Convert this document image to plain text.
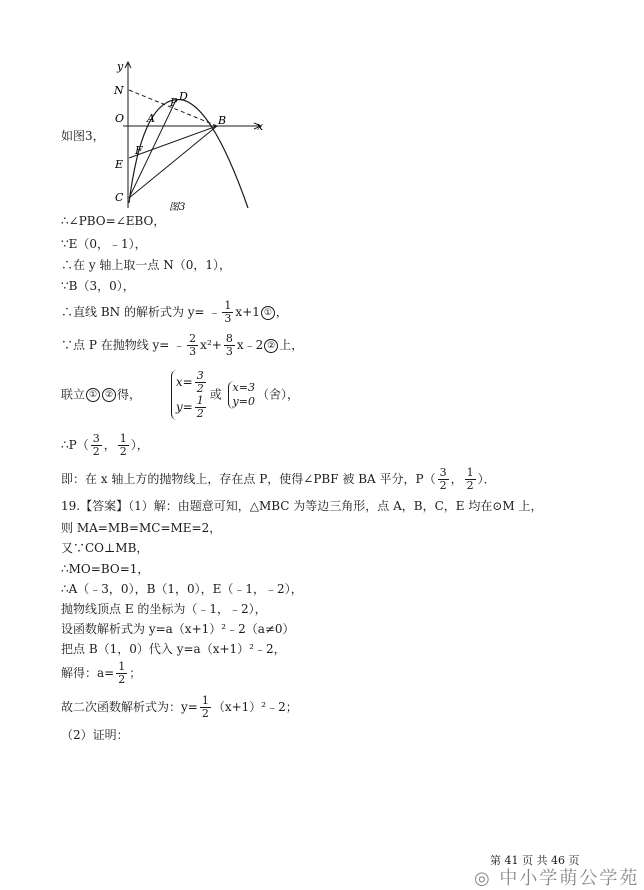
如图3，
y
x
N
P D
O A	B
F
E
C
图3
∴∠PBO=∠EBO，
∵E（0，﹣1），
∴在 y 轴上取一点 N（0，1），
∵B（3，0），
∴直线 BN 的解析式为 y= ﹣ $\frac{1}{3} x+1$ ① ，
∵点 P 在抛物线 y= ﹣ $\frac{2}{3} x^2+ \frac{8}{3}$ x﹣2 ② 上，
联立 ① ② 得，
$x= \frac{3}{2}$
$y= \frac{1}{2}$
或 x=3
y=0 （舍），
∴P（ $\frac{3}{2}$ ， $\frac{1}{2}$ ），
即：在 x 轴上方的抛物线上，存在点 P，使得∠PBF 被 BA 平分，$P( \frac{3}{2}$ ， $\frac{1}{2}$ ）．
19.【答案】（1）解：由题意可知，△MBC 为等边三角形，点 A，B，C，E 均在⊙M 上，
则 MA=MB=MC=ME=2，
又∵CO⊥MB，
∴MO=BO=1，
∴A（﹣3，0），B（1，0），E（﹣1，﹣2），
抛物线顶点 E 的坐标为（﹣1，﹣2），
设函数解析式为 y=a（x+1）²﹣2（a≠0）
把点 B（1，0）代入 y=a（x+1）²﹣2，
解得：$a= \frac{1}{2}$ ；
故二次函数解析式为：$y= \frac{1}{2}$ （x+1）²﹣2；
（2）证明：
第 41 页 共 46 页
◎ 中小学萌公学苑
